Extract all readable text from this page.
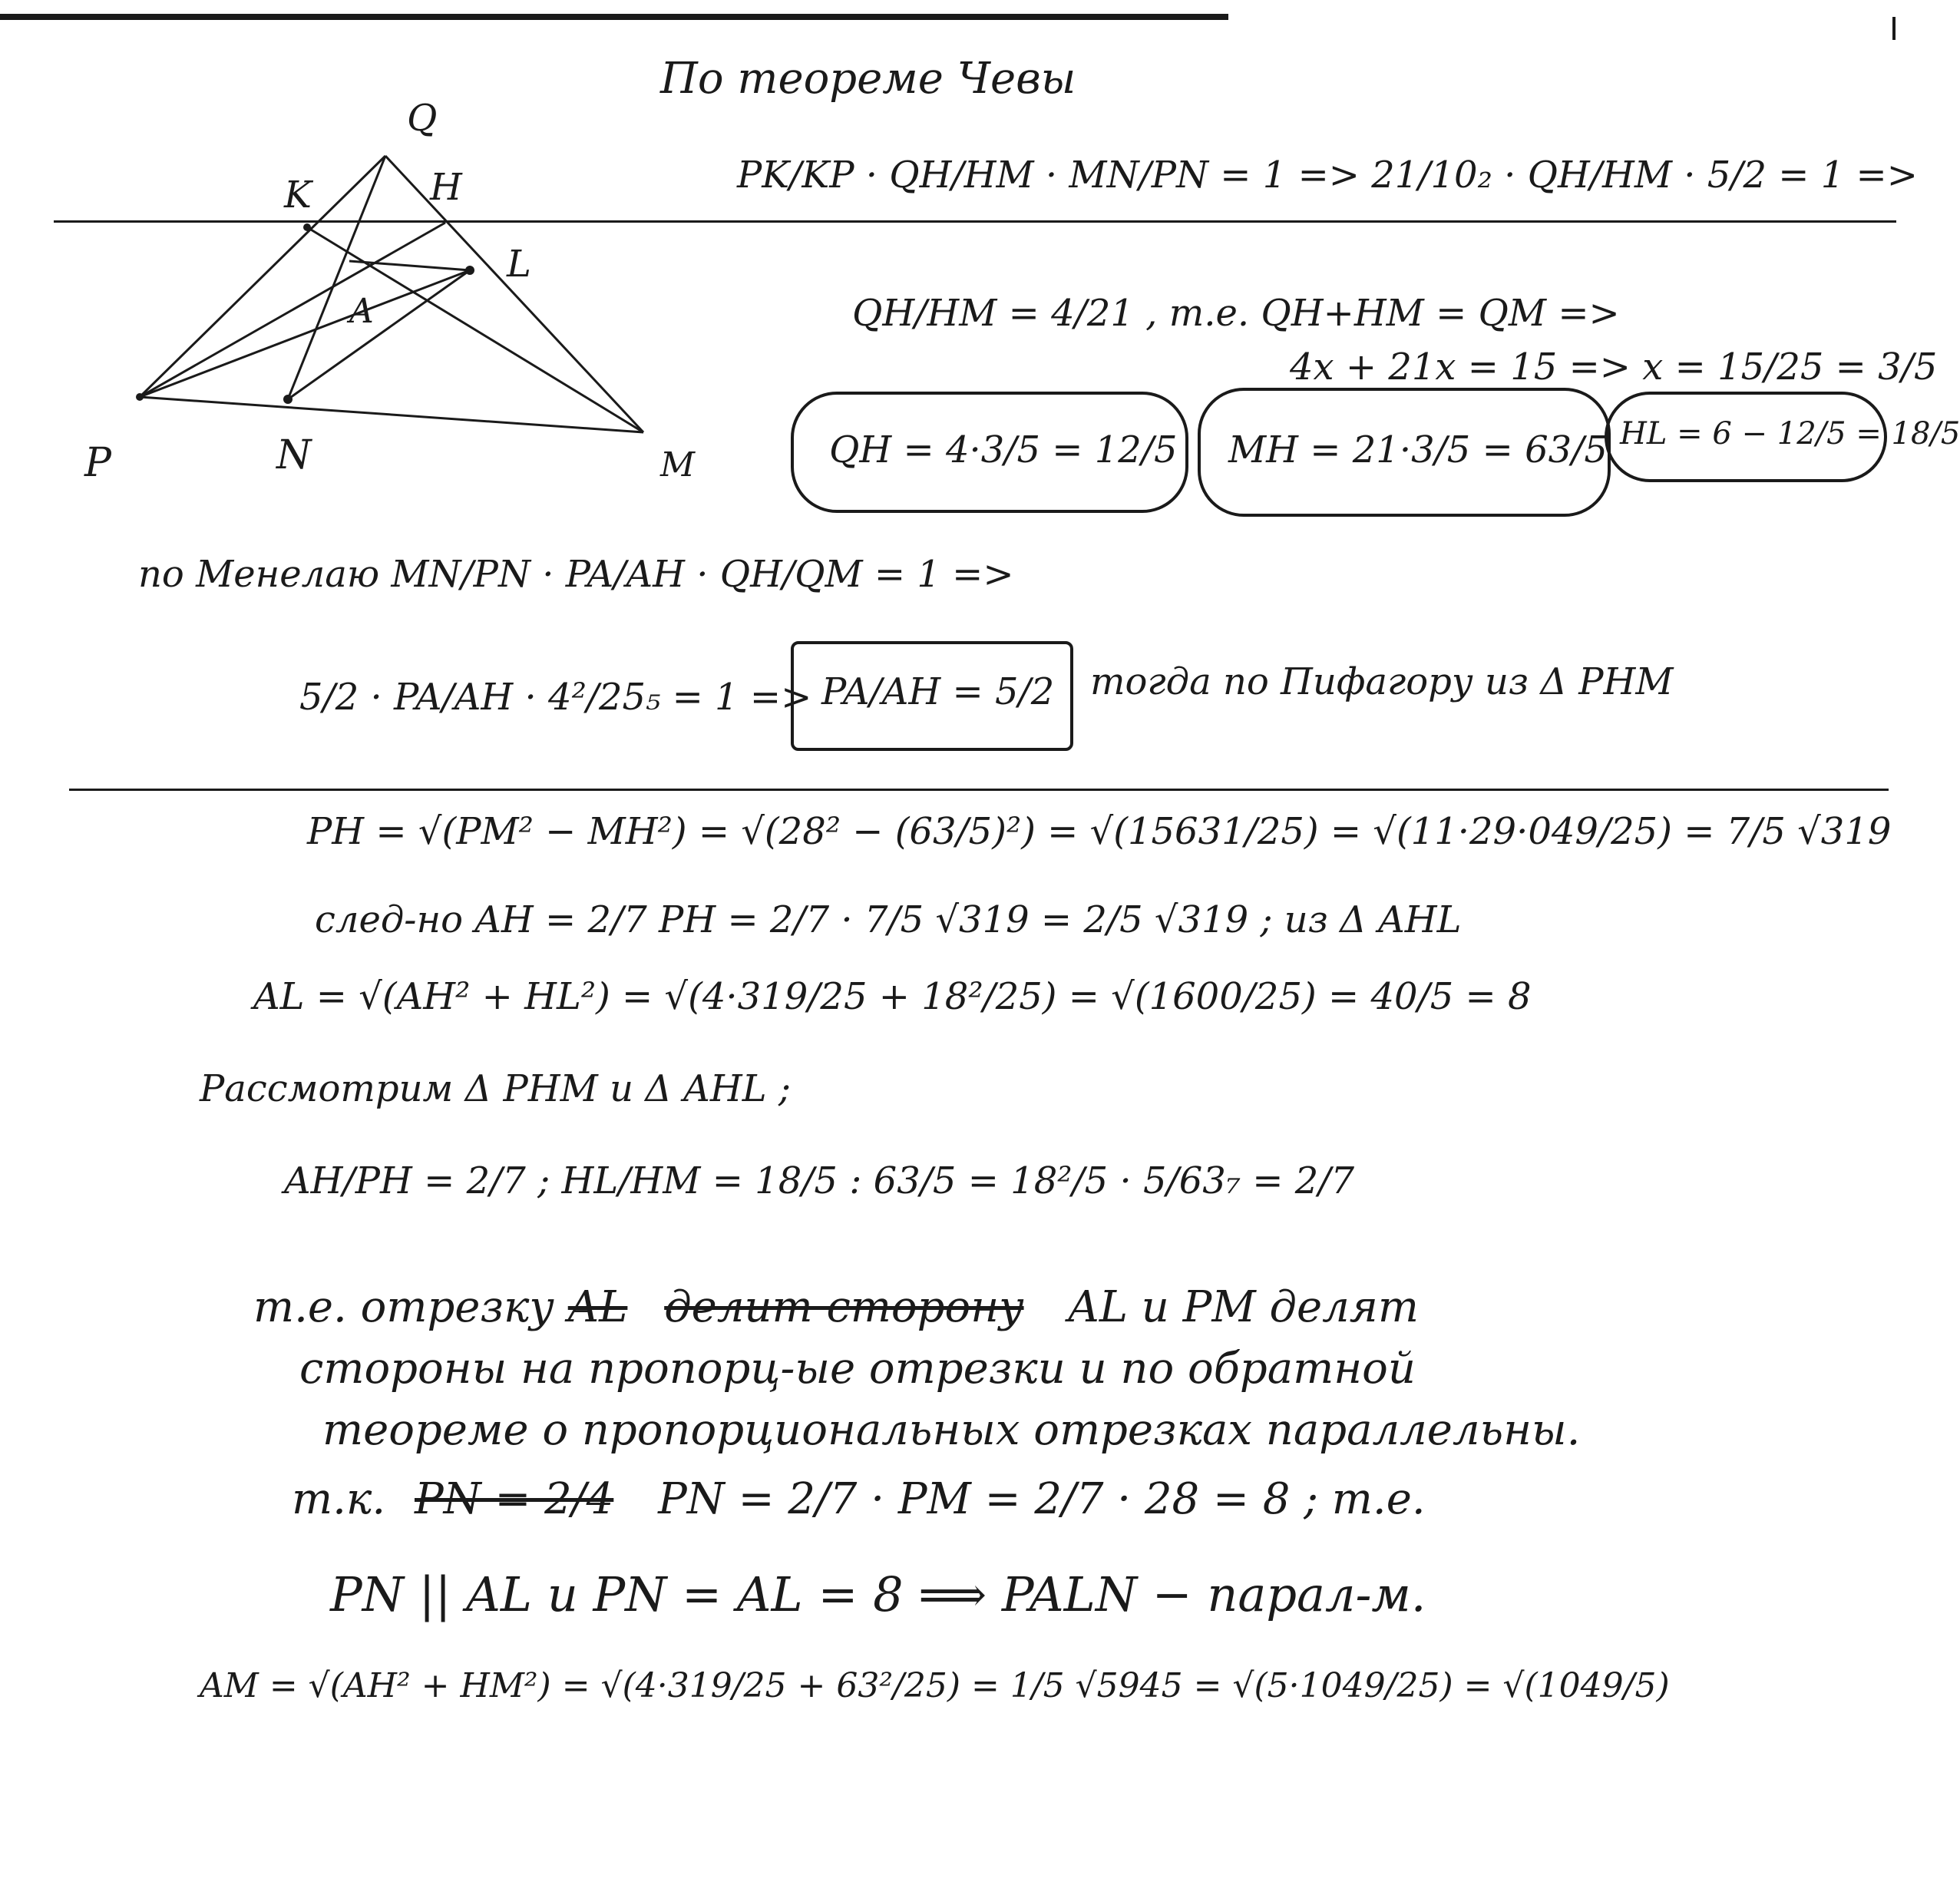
Q
K	H
L
A
P	N	M
По теореме Чевы
PK/KP · QH/HM · MN/PN = 1 => 21/10₂ · QH/HM · 5/2 = 1 =>
QH/HM = 4/21 , т.е. QH+HM = QM =>
4x + 21x = 15 => x = 15/25 = 3/5
QH = 4·3/5 = 12/5 MH = 21·3/5 = 63/5 HL = 6 − 12/5 = 18/5
по Менелаю MN/PN · PA/AH · QH/QM = 1 =>
5/2 · PA/AH · 4²/25₅ = 1 => PA/AH = 5/2 тогда по Пифагору из Δ PHM
PH = √(PM² − MH²) = √(28² − (63/5)²) = √(15631/25) = √(11·29·049/25) = 7/5 √319
след-но AH = 2/7 PH = 2/7 · 7/5 √319 = 2/5 √319 ; из Δ AHL
AL = √(AH² + HL²) = √(4·319/25 + 18²/25) = √(1600/25) = 40/5 = 8
Рассмотрим Δ PHM и Δ AHL ;
AH/PH = 2/7 ; HL/HM = 18/5 : 63/5 = 18²/5 · 5/63₇ = 2/7
т.е. отрезку AL делит сторону AL и PM делят
стороны на пропорц-ые отрезки и по обратной
теореме о пропорциональных отрезках параллельны.
т.к. PN = 2/4 PN = 2/7 · PM = 2/7 · 28 = 8 ; т.е.
PN || AL и PN = AL = 8 ⟹ PALN − парал-м.
AM = √(AH² + HM²) = √(4·319/25 + 63²/25) = 1/5 √5945 = √(5·1049/25) = √(1049/5)
